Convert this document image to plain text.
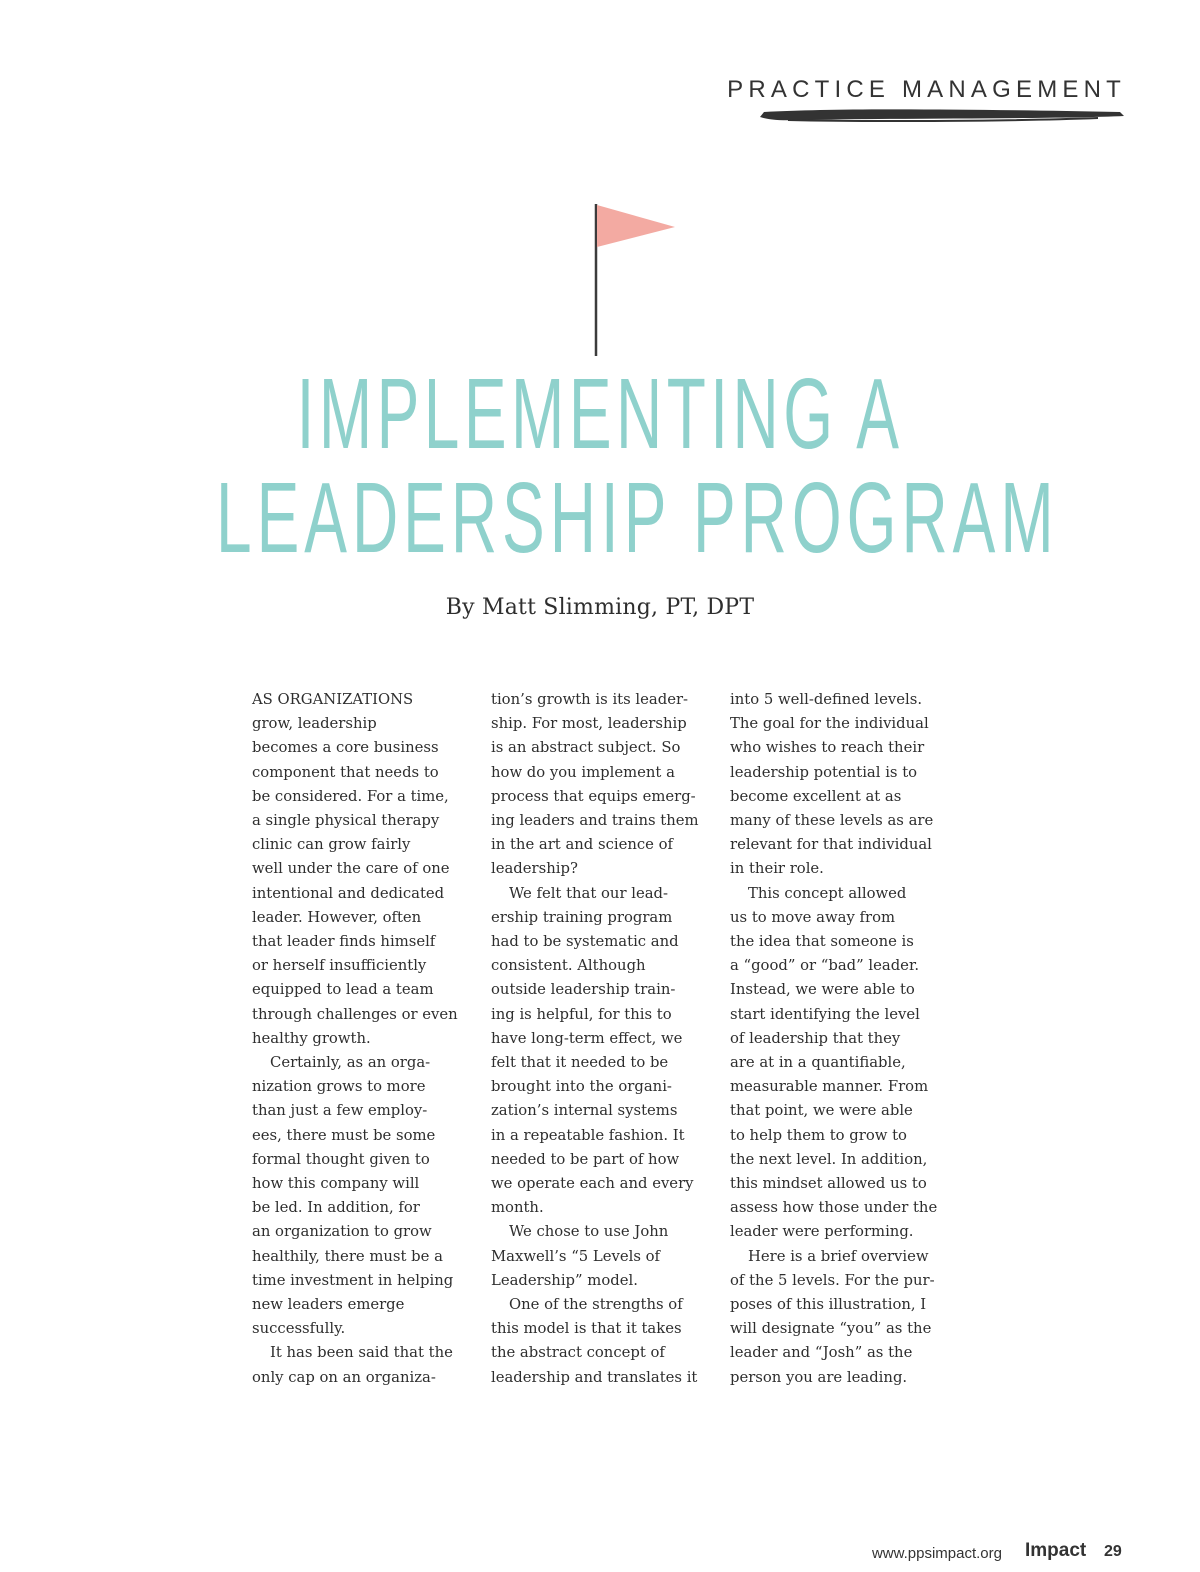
PRACTICE MANAGEMENT
IMPLEMENTING A
LEADERSHIP PROGRAM
By Matt Slimming, PT, DPT
AS ORGANIZATIONS
grow, leadership
becomes a core business
component that needs to
be considered. For a time,
a single physical therapy
clinic can grow fairly
well under the care of one
intentional and dedicated
leader. However, often
that leader finds himself
or herself insufficiently
equipped to lead a team
through challenges or even
healthy growth.
Certainly, as an orga-
nization grows to more
than just a few employ-
ees, there must be some
formal thought given to
how this company will
be led. In addition, for
an organization to grow
healthily, there must be a
time investment in helping
new leaders emerge
successfully.
It has been said that the
only cap on an organiza-
tion’s growth is its leader-
ship. For most, leadership
is an abstract subject. So
how do you implement a
process that equips emerg-
ing leaders and trains them
in the art and science of
leadership?
We felt that our lead-
ership training program
had to be systematic and
consistent. Although
outside leadership train-
ing is helpful, for this to
have long-term effect, we
felt that it needed to be
brought into the organi-
zation’s internal systems
in a repeatable fashion. It
needed to be part of how
we operate each and every
month.
We chose to use John
Maxwell’s “5 Levels of
Leadership” model.
One of the strengths of
this model is that it takes
the abstract concept of
leadership and translates it
into 5 well-defined levels.
The goal for the individual
who wishes to reach their
leadership potential is to
become excellent at as
many of these levels as are
relevant for that individual
in their role.
This concept allowed
us to move away from
the idea that someone is
a “good” or “bad” leader.
Instead, we were able to
start identifying the level
of leadership that they
are at in a quantifiable,
measurable manner. From
that point, we were able
to help them to grow to
the next level. In addition,
this mindset allowed us to
assess how those under the
leader were performing.
Here is a brief overview
of the 5 levels. For the pur-
poses of this illustration, I
will designate “you” as the
leader and “Josh” as the
person you are leading.
www.ppsimpact.org Impact 29
